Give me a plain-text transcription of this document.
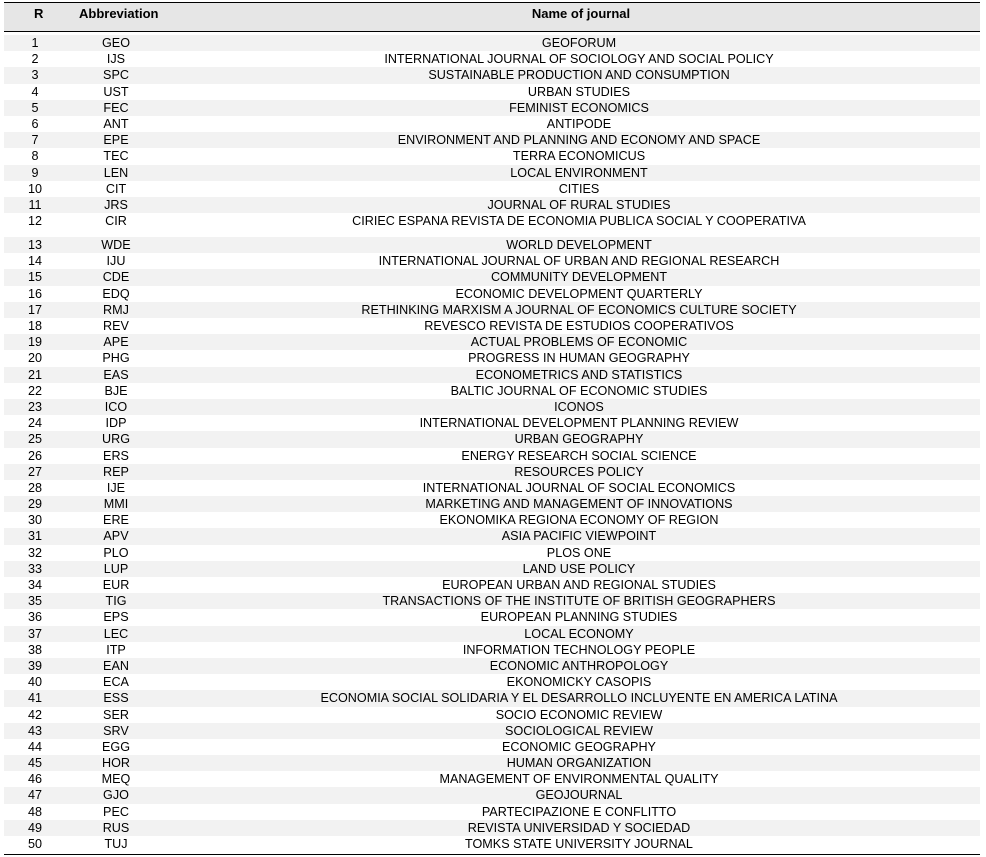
R	Abbreviation	Name of journal
1	GEO	GEOFORUM
2	IJS	INTERNATIONAL JOURNAL OF SOCIOLOGY AND SOCIAL POLICY
3	SPC	SUSTAINABLE PRODUCTION AND CONSUMPTION
4	UST	URBAN STUDIES
5	FEC	FEMINIST ECONOMICS
6	ANT	ANTIPODE
7	EPE	ENVIRONMENT AND PLANNING AND ECONOMY AND SPACE
8	TEC	TERRA ECONOMICUS
9	LEN	LOCAL ENVIRONMENT
10	CIT	CITIES
11	JRS	JOURNAL OF RURAL STUDIES
12	CIR	CIRIEC ESPANA REVISTA DE ECONOMIA PUBLICA SOCIAL Y COOPERATIVA
13	WDE	WORLD DEVELOPMENT
14	IJU	INTERNATIONAL JOURNAL OF URBAN AND REGIONAL RESEARCH
15	CDE	COMMUNITY DEVELOPMENT
16	EDQ	ECONOMIC DEVELOPMENT QUARTERLY
17	RMJ	RETHINKING MARXISM A JOURNAL OF ECONOMICS CULTURE SOCIETY
18	REV	REVESCO REVISTA DE ESTUDIOS COOPERATIVOS
19	APE	ACTUAL PROBLEMS OF ECONOMIC
20	PHG	PROGRESS IN HUMAN GEOGRAPHY
21	EAS	ECONOMETRICS AND STATISTICS
22	BJE	BALTIC JOURNAL OF ECONOMIC STUDIES
23	ICO	ICONOS
24	IDP	INTERNATIONAL DEVELOPMENT PLANNING REVIEW
25	URG	URBAN GEOGRAPHY
26	ERS	ENERGY RESEARCH SOCIAL SCIENCE
27	REP	RESOURCES POLICY
28	IJE	INTERNATIONAL JOURNAL OF SOCIAL ECONOMICS
29	MMI	MARKETING AND MANAGEMENT OF INNOVATIONS
30	ERE	EKONOMIKA REGIONA ECONOMY OF REGION
31	APV	ASIA PACIFIC VIEWPOINT
32	PLO	PLOS ONE
33	LUP	LAND USE POLICY
34	EUR	EUROPEAN URBAN AND REGIONAL STUDIES
35	TIG	TRANSACTIONS OF THE INSTITUTE OF BRITISH GEOGRAPHERS
36	EPS	EUROPEAN PLANNING STUDIES
37	LEC	LOCAL ECONOMY
38	ITP	INFORMATION TECHNOLOGY PEOPLE
39	EAN	ECONOMIC ANTHROPOLOGY
40	ECA	EKONOMICKY CASOPIS
41	ESS	ECONOMIA SOCIAL SOLIDARIA Y EL DESARROLLO INCLUYENTE EN AMERICA LATINA
42	SER	SOCIO ECONOMIC REVIEW
43	SRV	SOCIOLOGICAL REVIEW
44	EGG	ECONOMIC GEOGRAPHY
45	HOR	HUMAN ORGANIZATION
46	MEQ	MANAGEMENT OF ENVIRONMENTAL QUALITY
47	GJO	GEOJOURNAL
48	PEC	PARTECIPAZIONE E CONFLITTO
49	RUS	REVISTA UNIVERSIDAD Y SOCIEDAD
50	TUJ	TOMKS STATE UNIVERSITY JOURNAL
